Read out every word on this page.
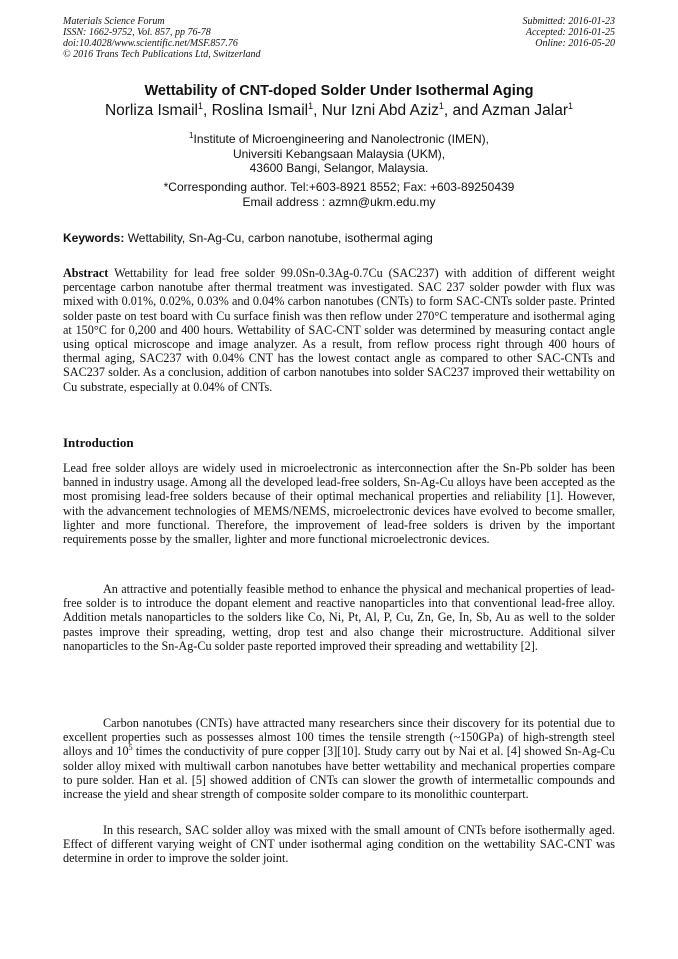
Materials Science Forum
ISSN: 1662-9752, Vol. 857, pp 76-78
doi:10.4028/www.scientific.net/MSF.857.76
© 2016 Trans Tech Publications Ltd, Switzerland
Submitted: 2016-01-23
Accepted: 2016-01-25
Online: 2016-05-20
Wettability of CNT-doped Solder Under Isothermal Aging
Norliza Ismail$^1$, Roslina Ismail$^1$, Nur Izni Abd Aziz$^1$, and Azman Jalar$^1$
$^1$Institute of Microengineering and Nanolectronic (IMEN),
Universiti Kebangsaan Malaysia (UKM),
43600 Bangi, Selangor, Malaysia.
*Corresponding author. Tel:+603-8921 8552; Fax: +603-89250439
Email address : azmn@ukm.edu.my
Keywords: Wettability, Sn-Ag-Cu, carbon nanotube, isothermal aging

Abstract Wettability for lead free solder 99.0Sn-0.3Ag-0.7Cu (SAC237) with addition of different weight percentage carbon nanotube after thermal treatment was investigated. SAC 237 solder powder with flux was mixed with 0.01%, 0.02%, 0.03% and 0.04% carbon nanotubes (CNTs) to form SAC-CNTs solder paste. Printed solder paste on test board with Cu surface finish was then reflow under 270°C temperature and isothermal aging at 150°C for 0,200 and 400 hours. Wettability of SAC-CNT solder was determined by measuring contact angle using optical microscope and image analyzer. As a result, from reflow process right through 400 hours of thermal aging, SAC237 with 0.04% CNT has the lowest contact angle as compared to other SAC-CNTs and SAC237 solder. As a conclusion, addition of carbon nanotubes into solder SAC237 improved their wettability on Cu substrate, especially at 0.04% of CNTs.

Introduction

Lead free solder alloys are widely used in microelectronic as interconnection after the Sn-Pb solder has been banned in industry usage. Among all the developed lead-free solders, Sn-Ag-Cu alloys have been accepted as the most promising lead-free solders because of their optimal mechanical properties and reliability [1]. However, with the advancement technologies of MEMS/NEMS, microelectronic devices have evolved to become smaller, lighter and more functional. Therefore, the improvement of lead-free solders is driven by the important requirements posse by the smaller, lighter and more functional microelectronic devices.

An attractive and potentially feasible method to enhance the physical and mechanical properties of lead-free solder is to introduce the dopant element and reactive nanoparticles into that conventional lead-free alloy. Addition metals nanoparticles to the solders like Co, Ni, Pt, Al, P, Cu, Zn, Ge, In, Sb, Au as well to the solder pastes improve their spreading, wetting, drop test and also change their microstructure. Additional silver nanoparticles to the Sn-Ag-Cu solder paste reported improved their spreading and wettability [2].

Carbon nanotubes (CNTs) have attracted many researchers since their discovery for its potential due to excellent properties such as possesses almost 100 times the tensile strength (~150GPa) of high-strength steel alloys and $10^5$ times the conductivity of pure copper [3][10]. Study carry out by Nai et al. [4] showed Sn-Ag-Cu solder alloy mixed with multiwall carbon nanotubes have better wettability and mechanical properties compare to pure solder. Han et al. [5] showed addition of CNTs can slower the growth of intermetallic compounds and increase the yield and shear strength of composite solder compare to its monolithic counterpart.

In this research, SAC solder alloy was mixed with the small amount of CNTs before isothermally aged. Effect of different varying weight of CNT under isothermal aging condition on the wettability SAC-CNT was determine in order to improve the solder joint.
